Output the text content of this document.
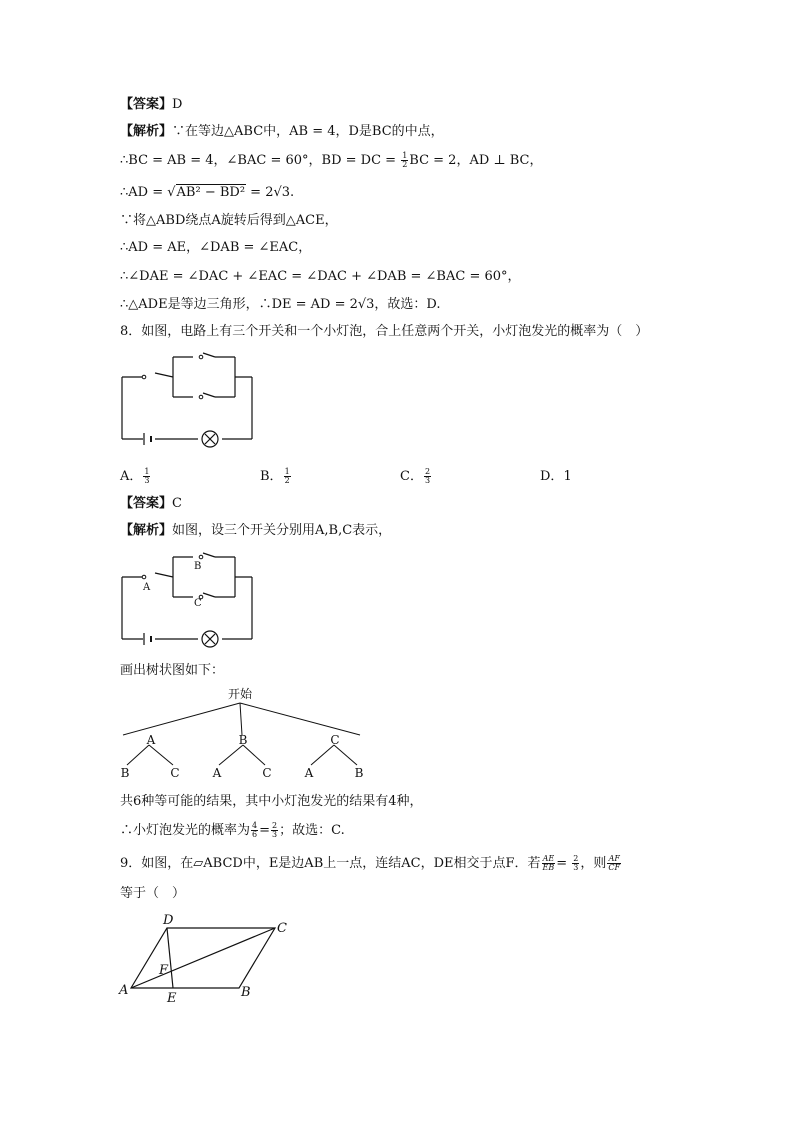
【答案】D
【解析】∵在等边△ABC中，AB = 4，D是BC的中点，
∴BC = AB = 4，∠BAC = 60°，BD = DC = $\frac{1}{2}$ BC = 2，AD ⊥ BC，
∴AD = √AB² − BD² = 2√3.
∵将△ABD绕点A旋转后得到△ACE，
∴AD = AE，∠DAB = ∠EAC，
∴∠DAE = ∠DAC + ∠EAC = ∠DAC + ∠DAB = ∠BAC = 60°，
∴△ADE是等边三角形，∴DE = AD = 2√3，故选：D.
8．如图，电路上有三个开关和一个小灯泡，合上任意两个开关，小灯泡发光的概率为（　）
A． $\frac{1}{3}$	B． $\frac{1}{2}$	C． $\frac{2}{3}$	D．1
【答案】C
【解析】如图，设三个开关分别用A,B,C表示，
A
B
C
画出树状图如下：
开始
A	B	C
B	C	A	C	A	B
共6种等可能的结果，其中小灯泡发光的结果有4种，
∴小灯泡发光的概率为 $\frac{4}{6} = \frac{2}{3}$ ；故选：C.
9．如图，在▱ABCD中，E是边AB上一点，连结AC，DE相交于点F．若 $\frac{AE}{EB} = \frac{2}{3}$ ，则 $\frac{AF}{CF}$
等于（　）
A	B
C
D
E
F
